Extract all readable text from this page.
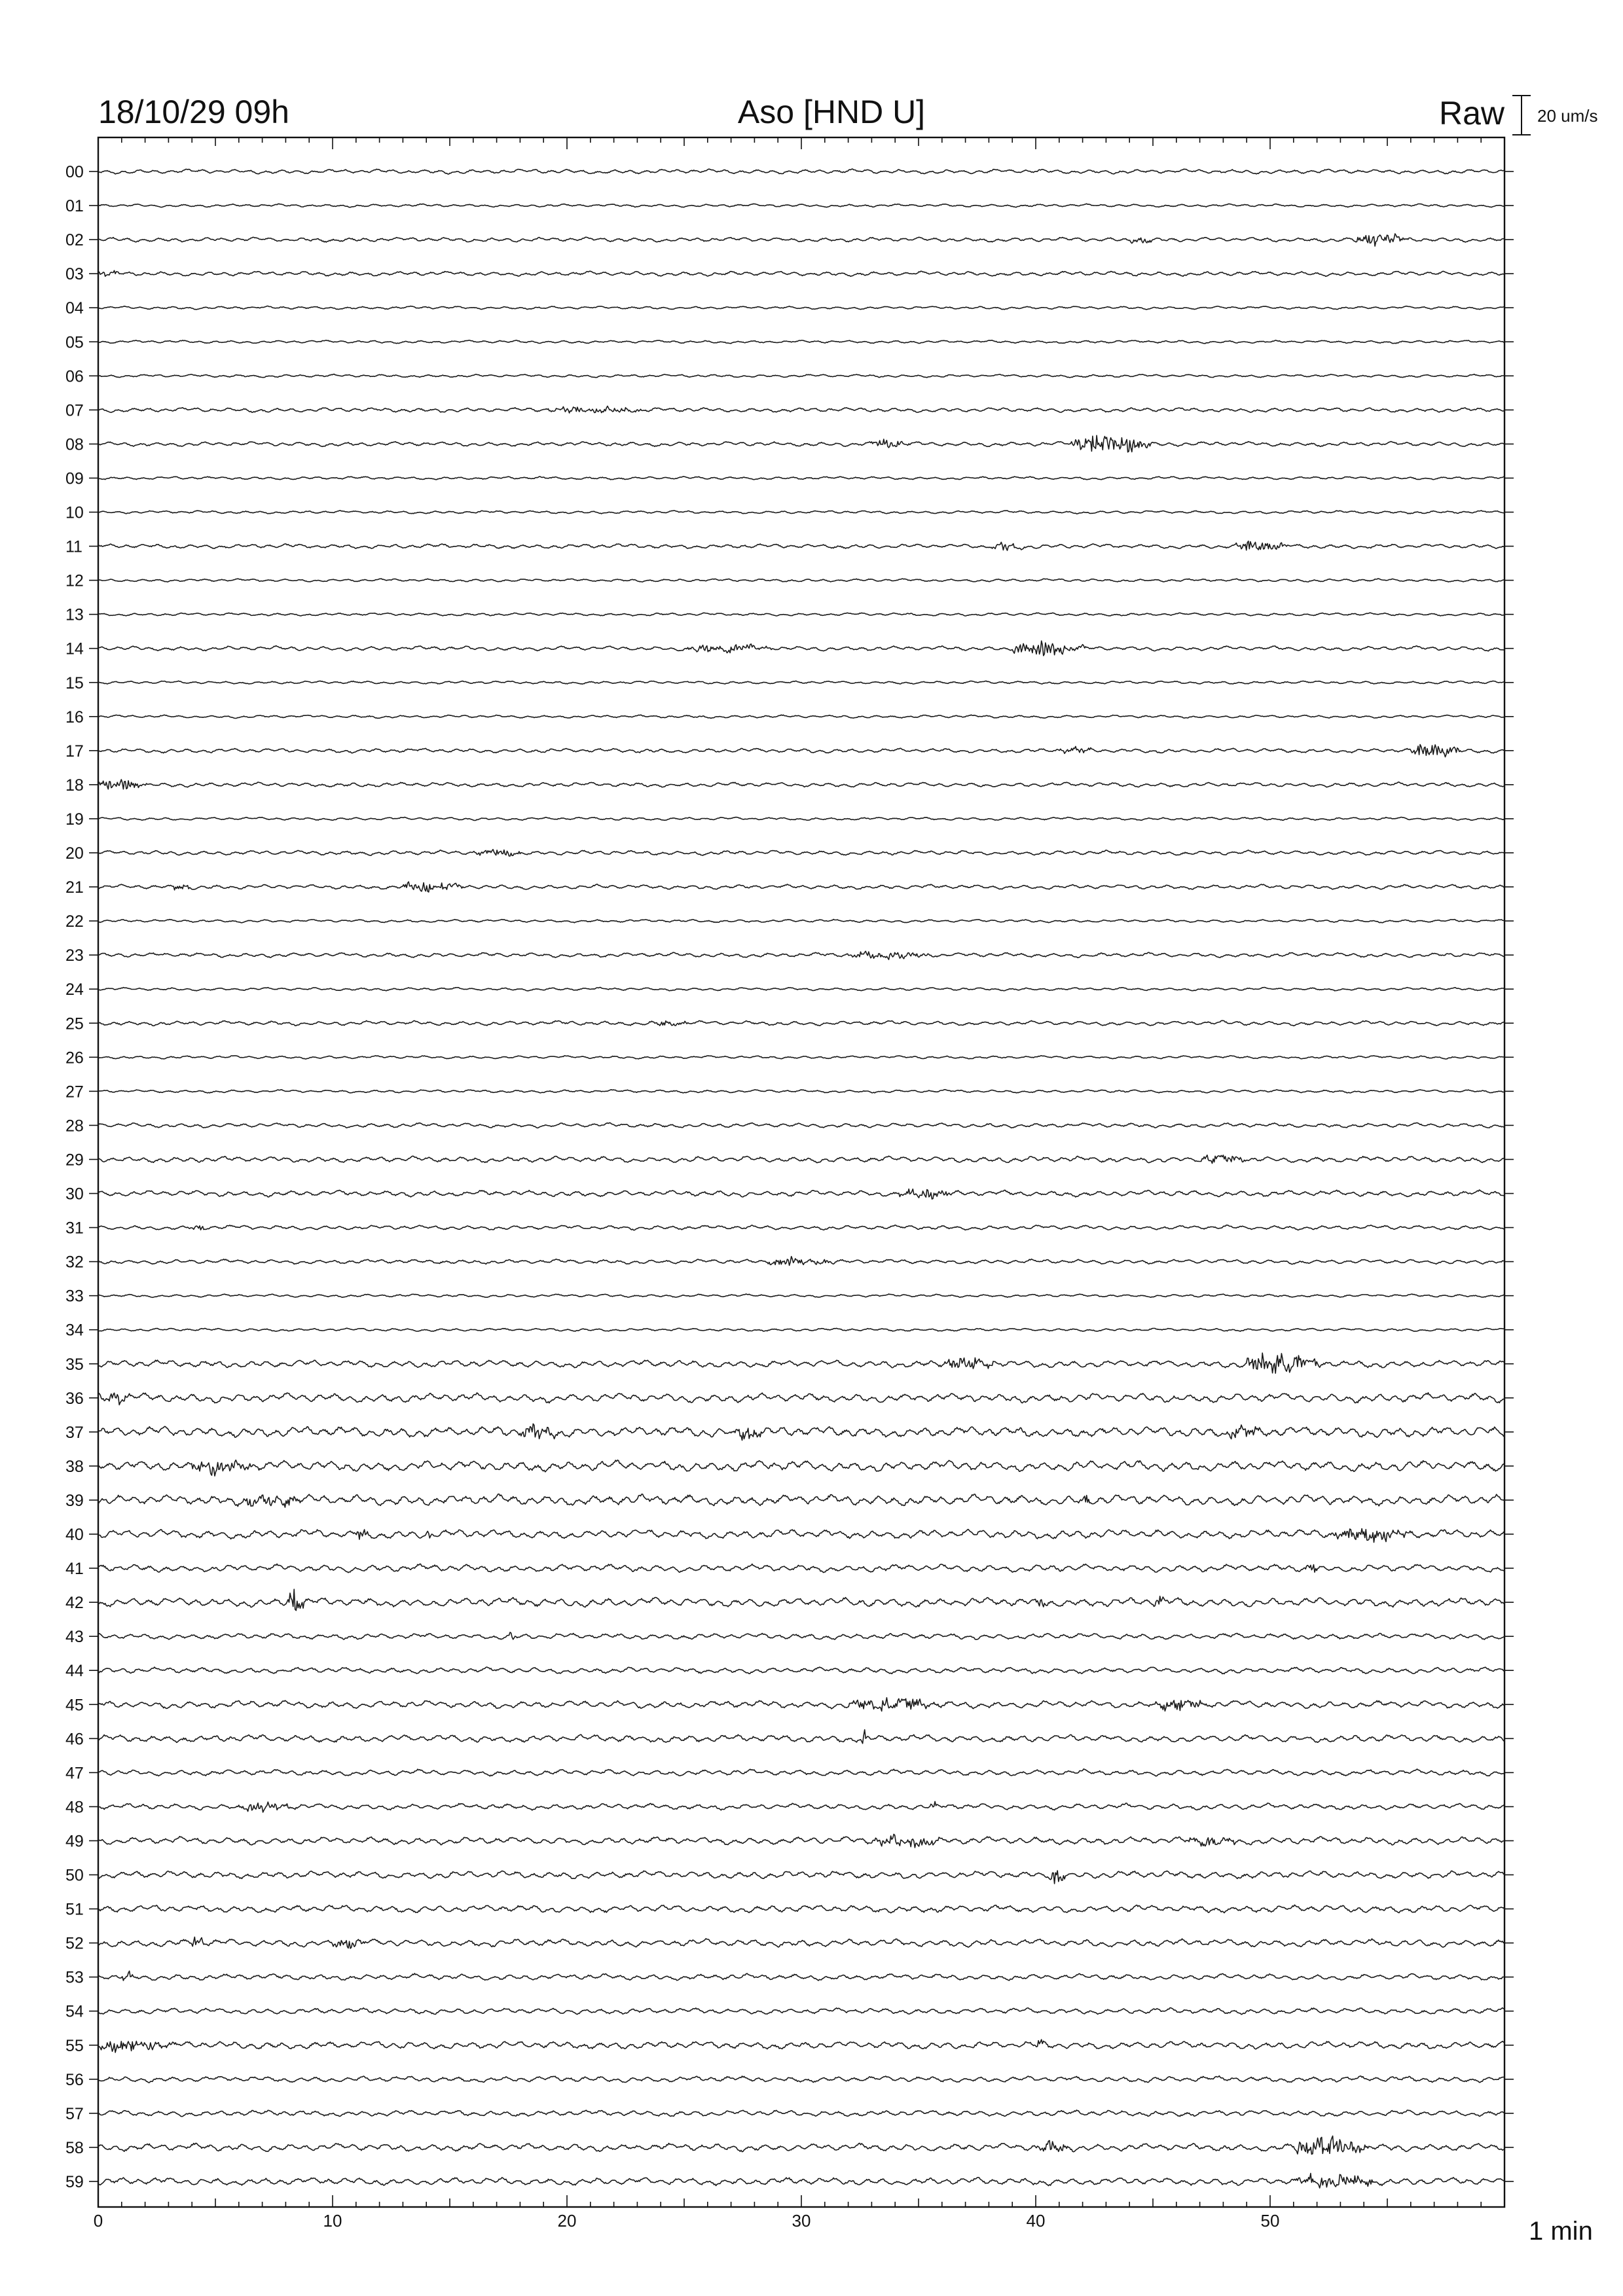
18/10/29 09h	Aso [HND U]	Raw 20 um/s
00
01
02
03
04
05
06
07
08
09
10
11
12
13
14
15
16
17
18
19
20
21
22
23
24
25
26
27
28
29
30
31
32
33
34
35
36
37
38
39
40
41
42
43
44
45
46
47
48
49
50
51
52
53
54
55
56
57
58
59
0	10	20	30	40	50	1 min
